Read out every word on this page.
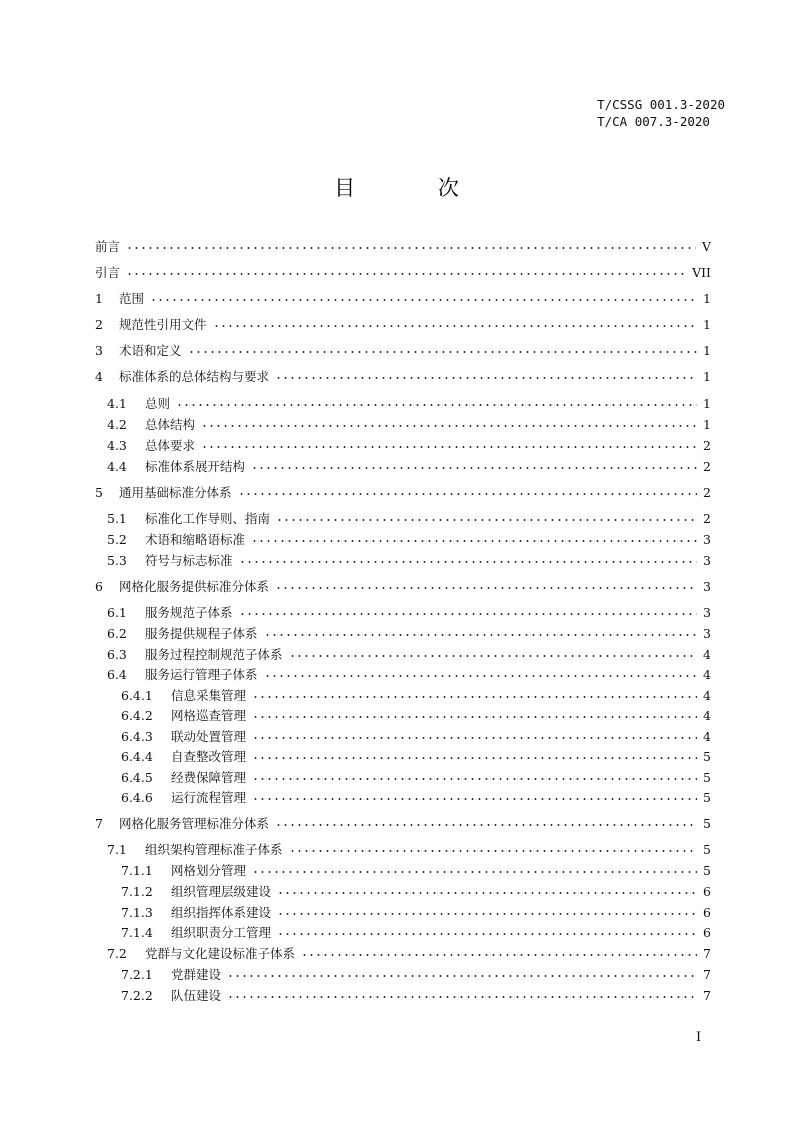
T/CSSG 001.3-2020
T/CA 007.3-2020
目 次
前言	V
引言	VII
1	范围	1
2	规范性引用文件	1
3	术语和定义	1
4	标准体系的总体结构与要求	1
4.1	总则	1
4.2	总体结构	1
4.3	总体要求	2
4.4	标准体系展开结构	2
5	通用基础标准分体系	2
5.1	标准化工作导则、指南	2
5.2	术语和缩略语标准	3
5.3	符号与标志标准	3
6	网格化服务提供标准分体系	3
6.1	服务规范子体系	3
6.2	服务提供规程子体系	3
6.3	服务过程控制规范子体系	4
6.4	服务运行管理子体系	4
6.4.1	信息采集管理	4
6.4.2	网格巡查管理	4
6.4.3	联动处置管理	4
6.4.4	自查整改管理	5
6.4.5	经费保障管理	5
6.4.6	运行流程管理	5
7	网格化服务管理标准分体系	5
7.1	组织架构管理标准子体系	5
7.1.1	网格划分管理	5
7.1.2	组织管理层级建设	6
7.1.3	组织指挥体系建设	6
7.1.4	组织职责分工管理	6
7.2	党群与文化建设标准子体系	7
7.2.1	党群建设	7
7.2.2	队伍建设	7
I
